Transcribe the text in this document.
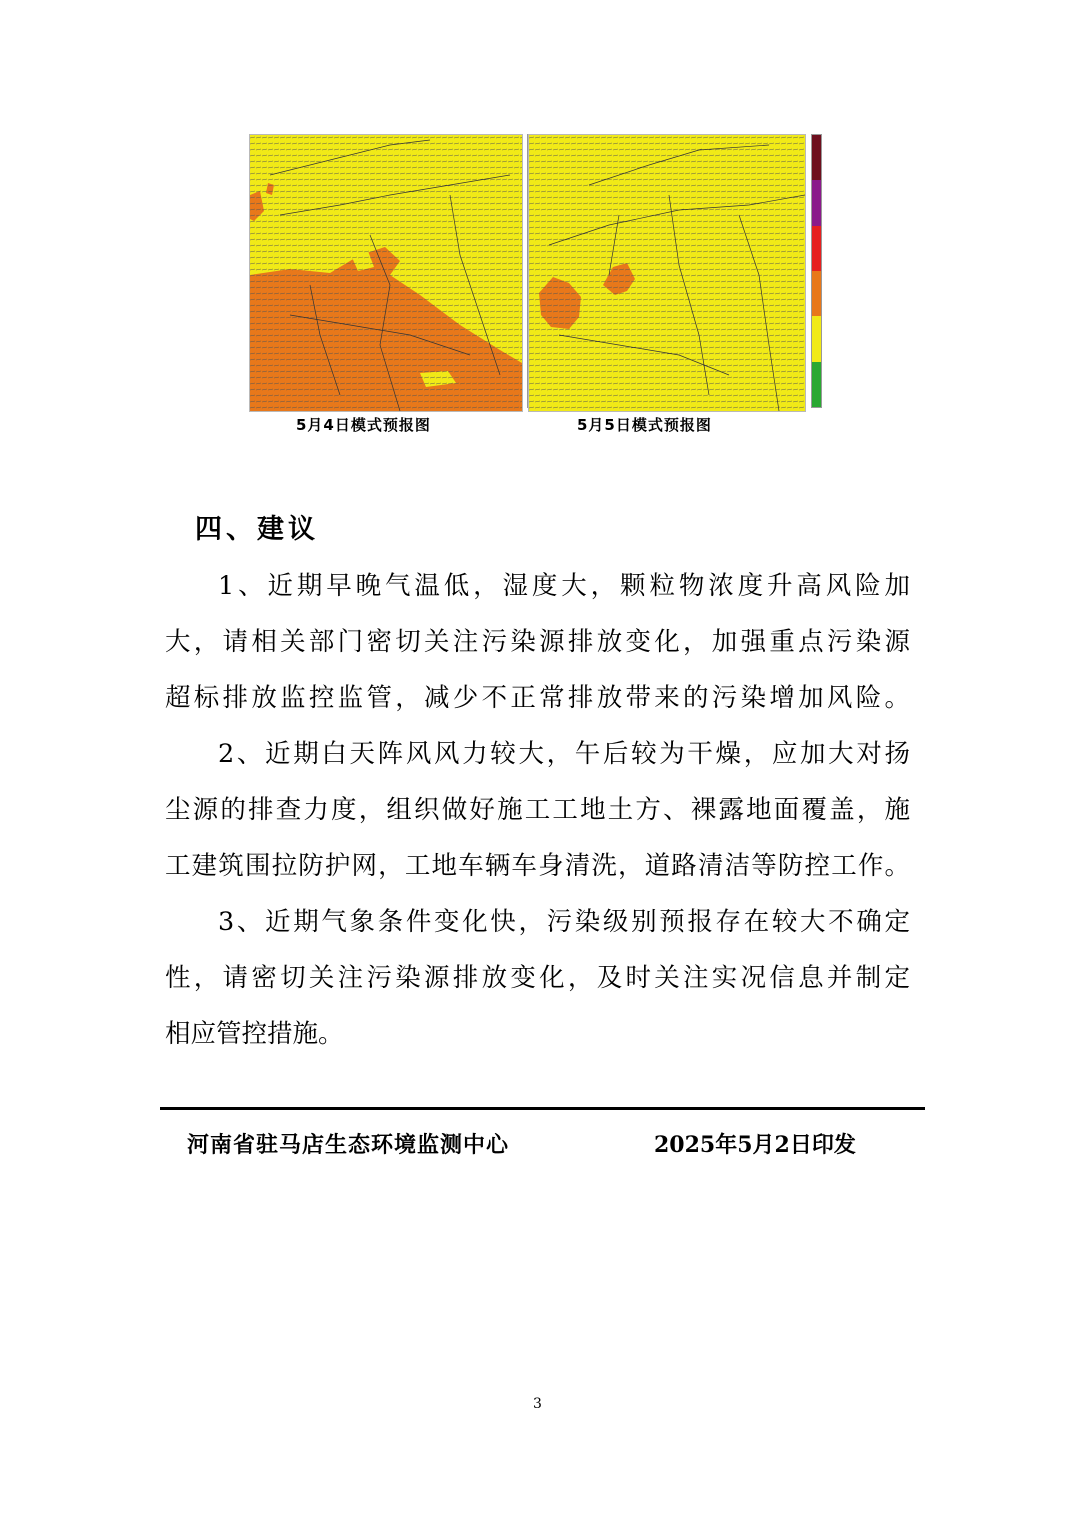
5月4日模式预报图	5月5日模式预报图
四、建议
1、近期早晚气温低，湿度大，颗粒物浓度升高风险加
大，请相关部门密切关注污染源排放变化，加强重点污染源
超标排放监控监管，减少不正常排放带来的污染增加风险。
2、近期白天阵风风力较大，午后较为干燥，应加大对扬
尘源的排查力度，组织做好施工工地土方、裸露地面覆盖，施
工建筑围拉防护网，工地车辆车身清洗，道路清洁等防控工作。
3、近期气象条件变化快，污染级别预报存在较大不确定
性，请密切关注污染源排放变化，及时关注实况信息并制定
相应管控措施。
河南省驻马店生态环境监测中心	2025年5月2日印发
3
